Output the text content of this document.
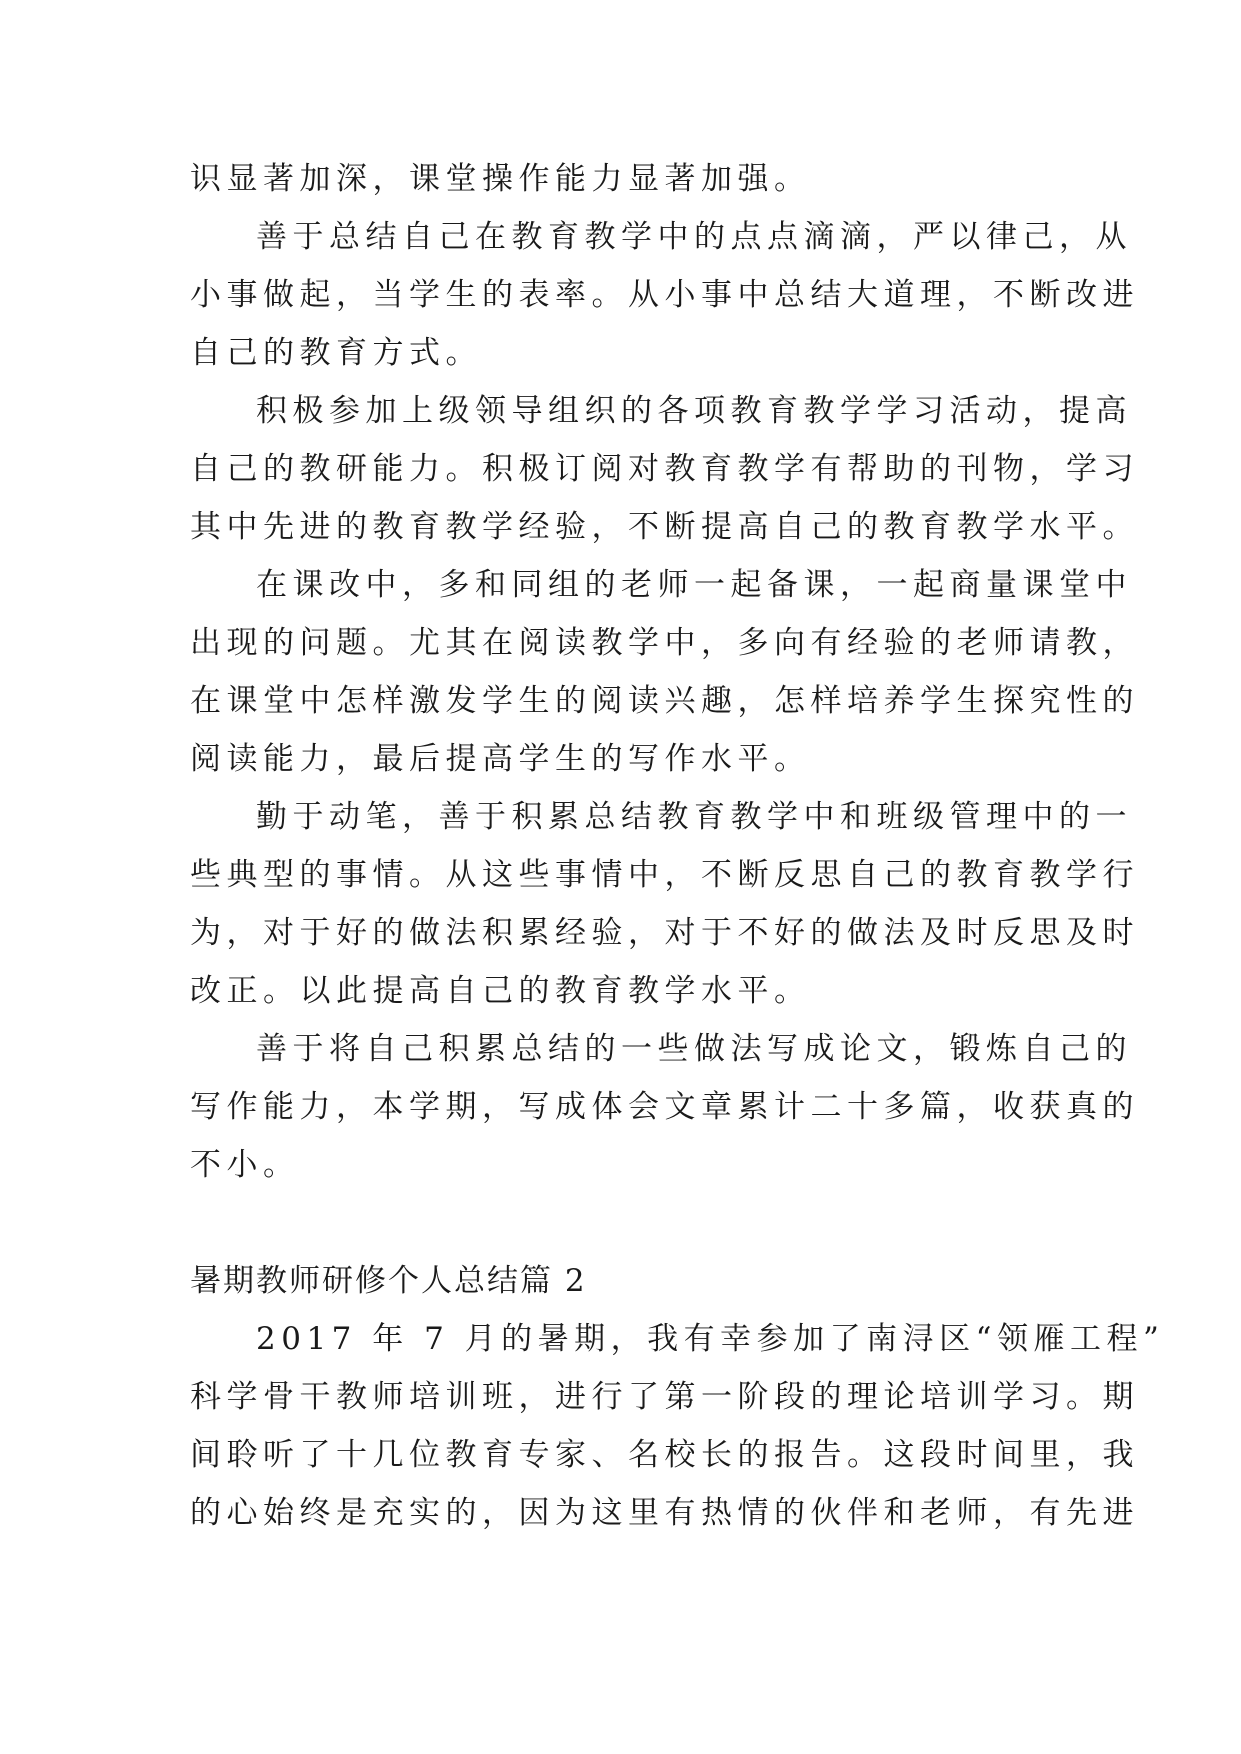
识显著加深，课堂操作能力显著加强。
善于总结自己在教育教学中的点点滴滴，严以律己，从
小事做起，当学生的表率。从小事中总结大道理，不断改进
自己的教育方式。
积极参加上级领导组织的各项教育教学学习活动，提高
自己的教研能力。积极订阅对教育教学有帮助的刊物，学习
其中先进的教育教学经验，不断提高自己的教育教学水平。
在课改中，多和同组的老师一起备课，一起商量课堂中
出现的问题。尤其在阅读教学中，多向有经验的老师请教，
在课堂中怎样激发学生的阅读兴趣，怎样培养学生探究性的
阅读能力，最后提高学生的写作水平。
勤于动笔，善于积累总结教育教学中和班级管理中的一
些典型的事情。从这些事情中，不断反思自己的教育教学行
为，对于好的做法积累经验，对于不好的做法及时反思及时
改正。以此提高自己的教育教学水平。
善于将自己积累总结的一些做法写成论文，锻炼自己的
写作能力，本学期，写成体会文章累计二十多篇，收获真的
不小。
暑期教师研修个人总结篇 2
2017 年 7 月的暑期，我有幸参加了南浔区“领雁工程”
科学骨干教师培训班，进行了第一阶段的理论培训学习。期
间聆听了十几位教育专家、名校长的报告。这段时间里，我
的心始终是充实的，因为这里有热情的伙伴和老师，有先进
